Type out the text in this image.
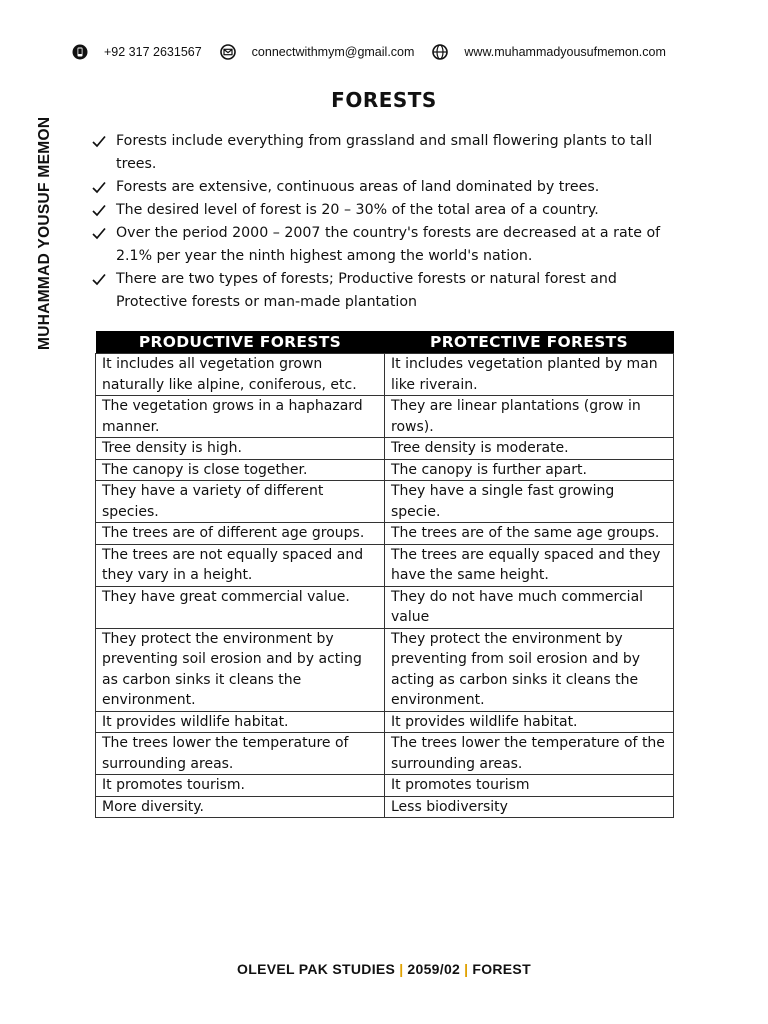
+92 317 2631567	connectwithmym@gmail.com	www.muhammadyousufmemon.com
MUHAMMAD YOUSUF MEMON
FORESTS
Forests include everything from grassland and small flowering plants to tall trees.
Forests are extensive, continuous areas of land dominated by trees.
The desired level of forest is 20 – 30% of the total area of a country.
Over the period 2000 – 2007 the country's forests are decreased at a rate of 2.1% per year the ninth highest among the world's nation.
There are two types of forests; Productive forests or natural forest and Protective forests or man-made plantation
PRODUCTIVE FORESTS	PROTECTIVE FORESTS
It includes all vegetation grown naturally like alpine, coniferous, etc.	It includes vegetation planted by man like riverain.
The vegetation grows in a haphazard manner.	They are linear plantations (grow in rows).
Tree density is high.	Tree density is moderate.
The canopy is close together.	The canopy is further apart.
They have a variety of different species.	They have a single fast growing specie.
The trees are of different age groups.	The trees are of the same age groups.
The trees are not equally spaced and they vary in a height.	The trees are equally spaced and they have the same height.
They have great commercial value.	They do not have much commercial value
They protect the environment by preventing soil erosion and by acting as carbon sinks it cleans the environment.	They protect the environment by preventing from soil erosion and by acting as carbon sinks it cleans the environment.
It provides wildlife habitat.	It provides wildlife habitat.
The trees lower the temperature of surrounding areas.	The trees lower the temperature of the surrounding areas.
It promotes tourism.	It promotes tourism
More diversity.	Less biodiversity
OLEVEL PAK STUDIES | 2059/02 | FOREST
